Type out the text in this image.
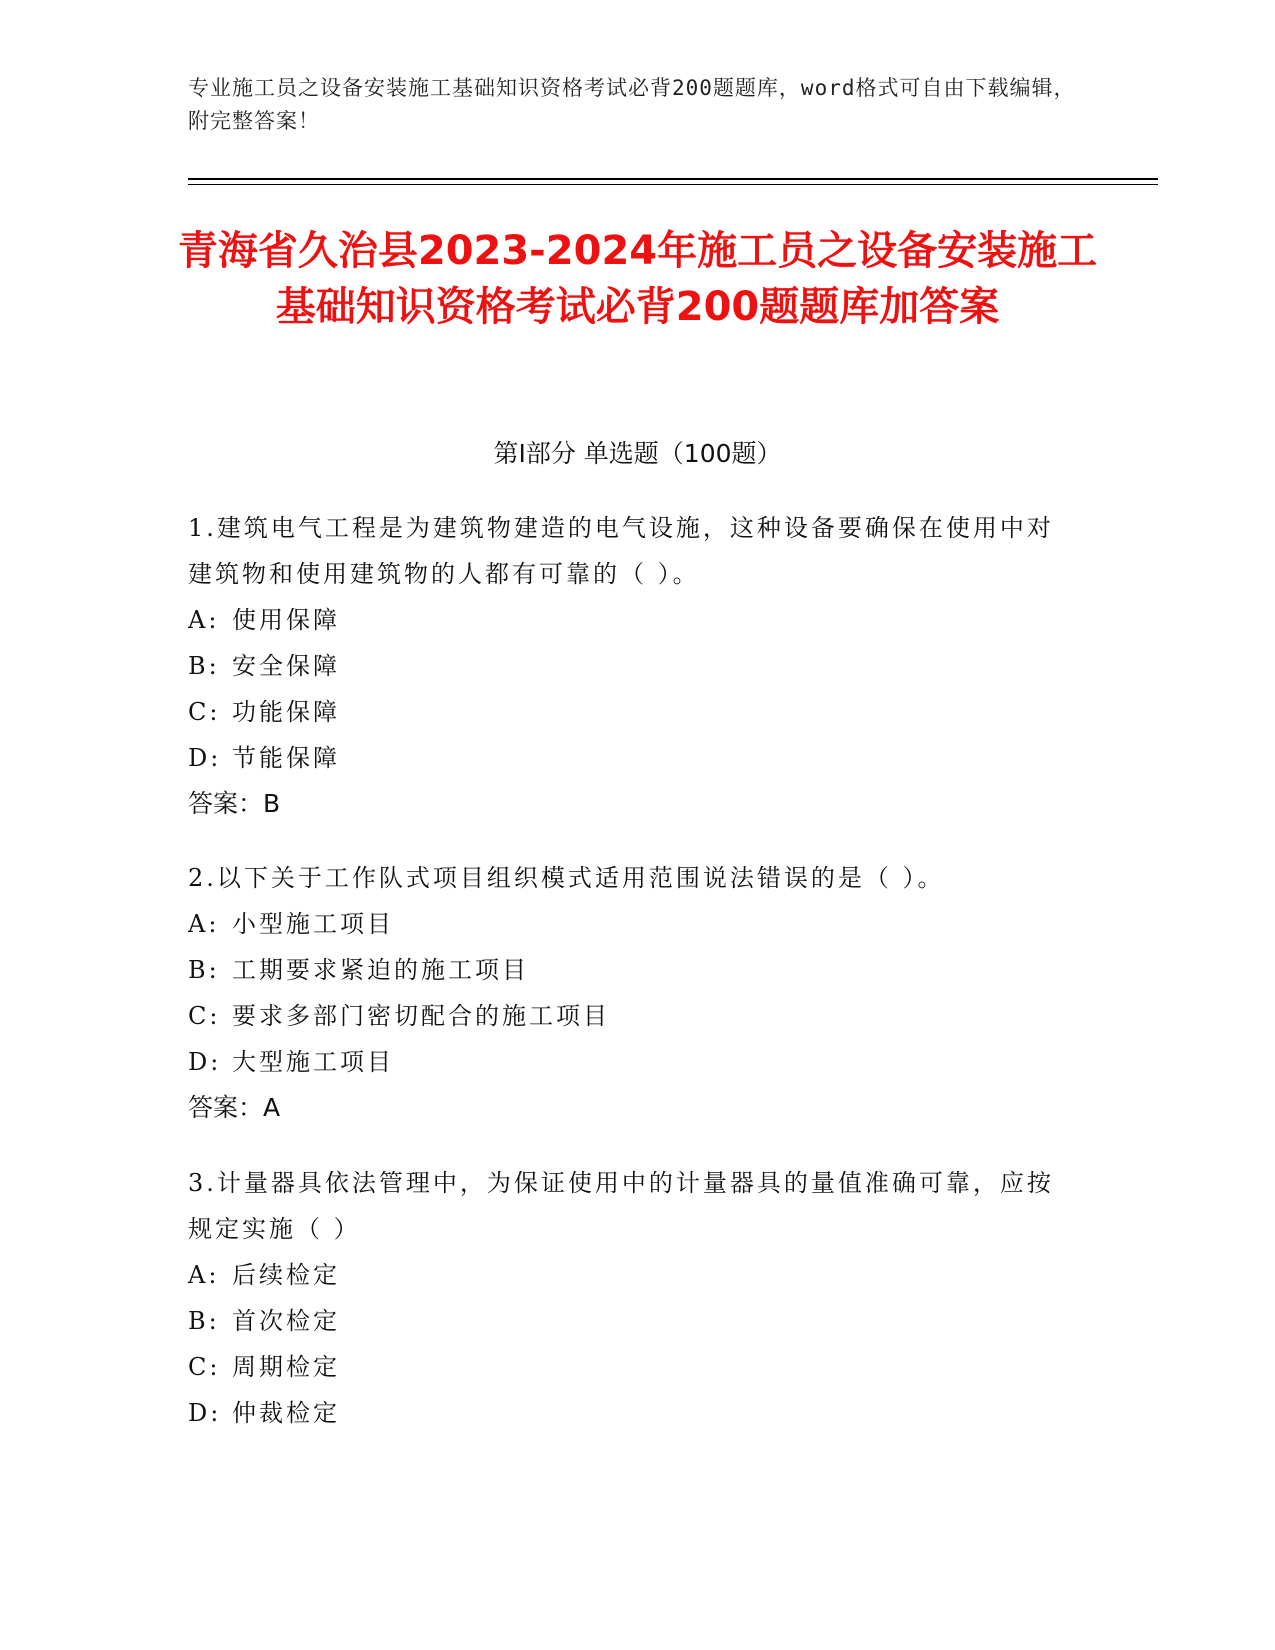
专业施工员之设备安装施工基础知识资格考试必背200题题库，word格式可自由下载编辑，附完整答案！
青海省久治县2023-2024年施工员之设备安装施工基础知识资格考试必背200题题库加答案
第I部分 单选题（100题）

1.建筑电气工程是为建筑物建造的电气设施，这种设备要确保在使用中对建筑物和使用建筑物的人都有可靠的（ ）。

A: 使用保障

B: 安全保障

C: 功能保障

D: 节能保障

答案：B

2.以下关于工作队式项目组织模式适用范围说法错误的是（ ）。

A: 小型施工项目

B: 工期要求紧迫的施工项目

C: 要求多部门密切配合的施工项目

D: 大型施工项目

答案：A

3.计量器具依法管理中，为保证使用中的计量器具的量值准确可靠，应按规定实施（ ）

A: 后续检定

B: 首次检定

C: 周期检定

D: 仲裁检定
